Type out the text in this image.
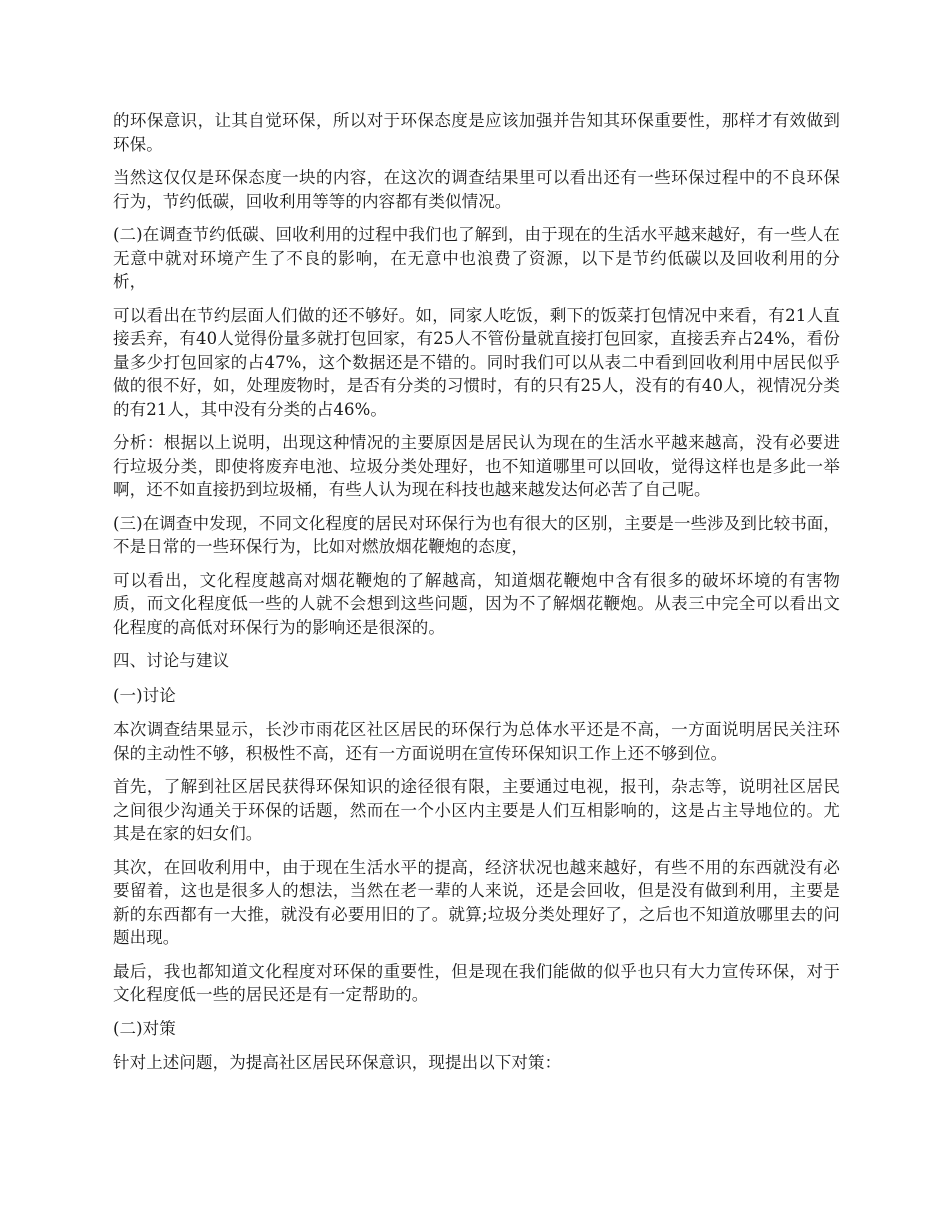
的环保意识，让其自觉环保，所以对于环保态度是应该加强并告知其环保重要性，那样才有效做到环保。

当然这仅仅是环保态度一块的内容，在这次的调查结果里可以看出还有一些环保过程中的不良环保行为，节约低碳，回收利用等等的内容都有类似情况。

(二)在调查节约低碳、回收利用的过程中我们也了解到，由于现在的生活水平越来越好，有一些人在无意中就对环境产生了不良的影响，在无意中也浪费了资源，以下是节约低碳以及回收利用的分析，

可以看出在节约层面人们做的还不够好。如，同家人吃饭，剩下的饭菜打包情况中来看，有21人直接丢弃，有40人觉得份量多就打包回家，有25人不管份量就直接打包回家，直接丢弃占24%，看份量多少打包回家的占47%，这个数据还是不错的。同时我们可以从表二中看到回收利用中居民似乎做的很不好，如，处理废物时，是否有分类的习惯时，有的只有25人，没有的有40人，视情况分类的有21人，其中没有分类的占46%。

分析：根据以上说明，出现这种情况的主要原因是居民认为现在的生活水平越来越高，没有必要进行垃圾分类，即使将废弃电池、垃圾分类处理好，也不知道哪里可以回收，觉得这样也是多此一举啊，还不如直接扔到垃圾桶，有些人认为现在科技也越来越发达何必苦了自己呢。

(三)在调查中发现，不同文化程度的居民对环保行为也有很大的区别，主要是一些涉及到比较书面，不是日常的一些环保行为，比如对燃放烟花鞭炮的态度，

可以看出，文化程度越高对烟花鞭炮的了解越高，知道烟花鞭炮中含有很多的破坏坏境的有害物质，而文化程度低一些的人就不会想到这些问题，因为不了解烟花鞭炮。从表三中完全可以看出文化程度的高低对环保行为的影响还是很深的。

四、讨论与建议

(一)讨论

本次调查结果显示，长沙市雨花区社区居民的环保行为总体水平还是不高，一方面说明居民关注环保的主动性不够，积极性不高，还有一方面说明在宣传环保知识工作上还不够到位。

首先，了解到社区居民获得环保知识的途径很有限，主要通过电视，报刊，杂志等，说明社区居民之间很少沟通关于环保的话题，然而在一个小区内主要是人们互相影响的，这是占主导地位的。尤其是在家的妇女们。

其次，在回收利用中，由于现在生活水平的提高，经济状况也越来越好，有些不用的东西就没有必要留着，这也是很多人的想法，当然在老一辈的人来说，还是会回收，但是没有做到利用，主要是新的东西都有一大推，就没有必要用旧的了。就算;垃圾分类处理好了，之后也不知道放哪里去的问题出现。

最后，我也都知道文化程度对环保的重要性，但是现在我们能做的似乎也只有大力宣传环保，对于文化程度低一些的居民还是有一定帮助的。

(二)对策

针对上述问题，为提高社区居民环保意识，现提出以下对策：
